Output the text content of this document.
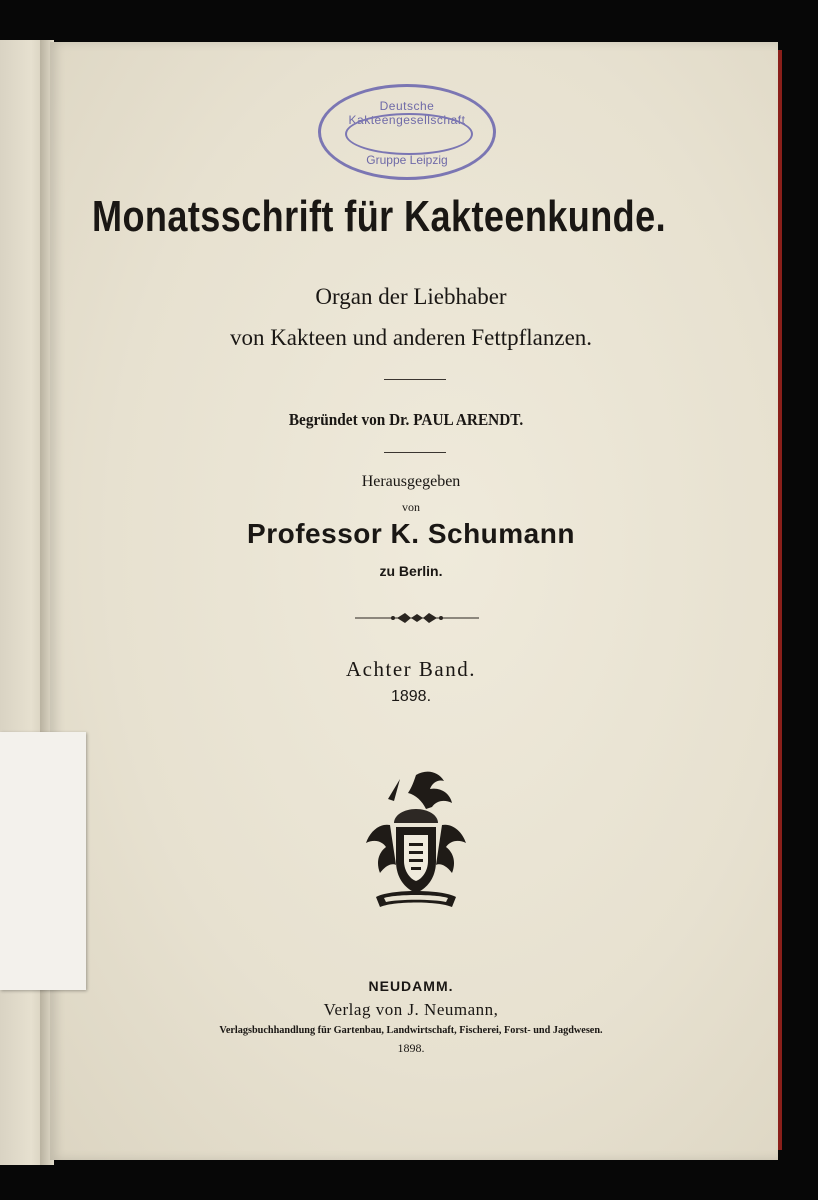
Deutsche Kakteengesellschaft
Gruppe Leipzig
Monatsschrift für Kakteenkunde.
Organ der Liebhaber
von Kakteen und anderen Fettpflanzen.
Begründet von Dr. PAUL ARENDT.
Herausgegeben
von
Professor K. Schumann
zu Berlin.
Achter Band.
1898.
NEUDAMM.
Verlag von J. Neumann,
Verlagsbuchhandlung für Gartenbau, Landwirtschaft, Fischerei, Forst- und Jagdwesen.
1898.
